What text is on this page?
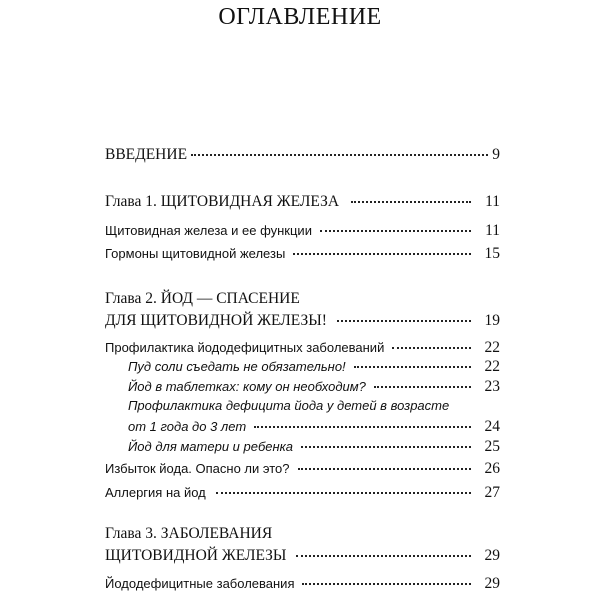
ОГЛАВЛЕНИЕ
ВВЕДЕНИЕ	9
Глава 1. ЩИТОВИДНАЯ ЖЕЛЕЗА	11
Щитовидная железа и ее функции	11
Гормоны щитовидной железы	15
Глава 2. ЙОД — СПАСЕНИЕ
ДЛЯ ЩИТОВИДНОЙ ЖЕЛЕЗЫ!	19
Профилактика йододефицитных заболеваний	22
Пуд соли съедать не обязательно!	22
Йод в таблетках: кому он необходим?	23
Профилактика дефицита йода у детей в возрасте
от 1 года до 3 лет	24
Йод для матери и ребенка	25
Избыток йода. Опасно ли это?	26
Аллергия на йод	27
Глава 3. ЗАБОЛЕВАНИЯ
ЩИТОВИДНОЙ ЖЕЛЕЗЫ	29
Йододефицитные заболевания	29
